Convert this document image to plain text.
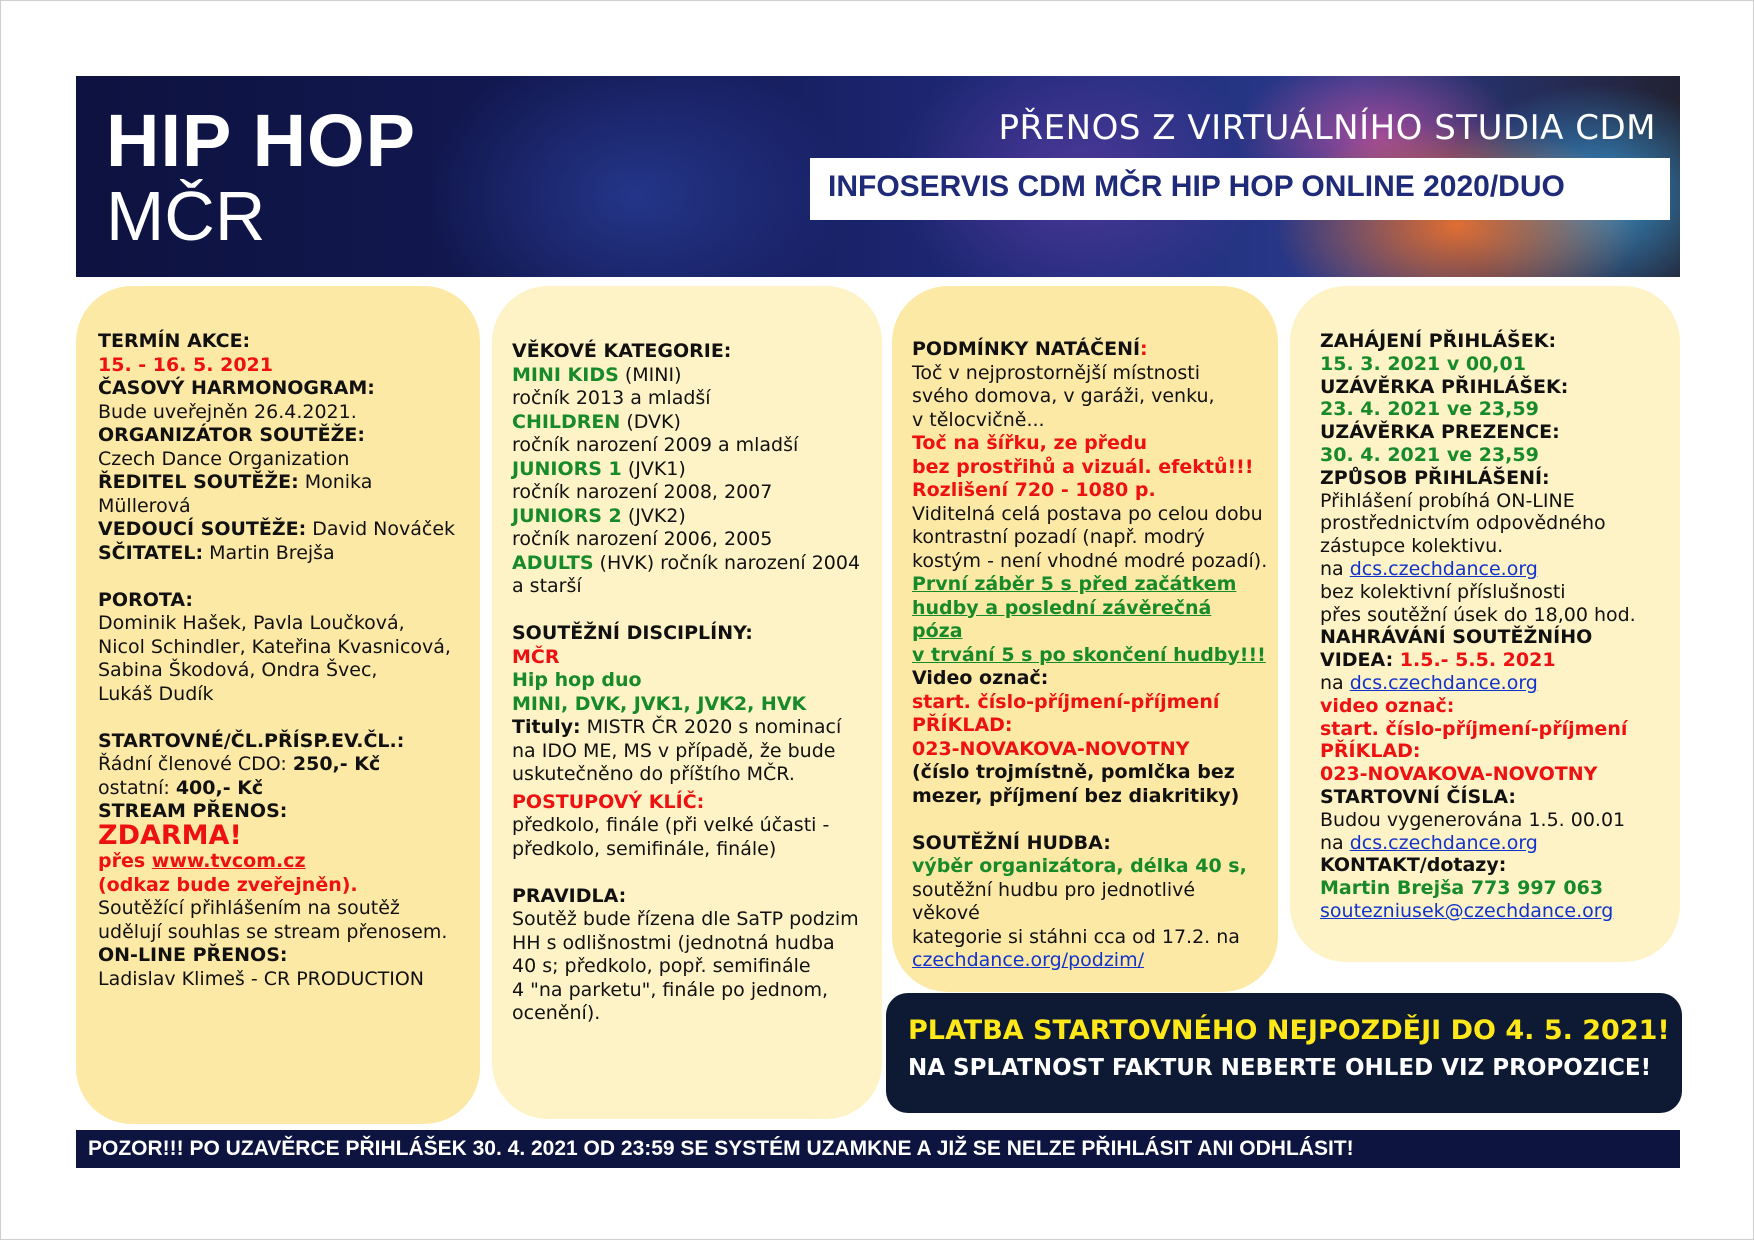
HIP HOP
MČR
PŘENOS Z VIRTUÁLNÍHO STUDIA CDM
INFOSERVIS CDM MČR HIP HOP ONLINE 2020/DUO
TERMÍN AKCE:
15. - 16. 5. 2021
ČASOVÝ HARMONOGRAM:
Bude uveřejněn 26.4.2021.
ORGANIZÁTOR SOUTĚŽE:
Czech Dance Organization
ŘEDITEL SOUTĚŽE: Monika Müllerová
VEDOUCÍ SOUTĚŽE: David Nováček
SČITATEL: Martin Brejša

POROTA:
Dominik Hašek, Pavla Loučková,
Nicol Schindler, Kateřina Kvasnicová,
Sabina Škodová, Ondra Švec,
Lukáš Dudík

STARTOVNÉ/ČL.PŘÍSP.EV.ČL.:
Řádní členové CDO: 250,- Kč
ostatní: 400,- Kč
STREAM PŘENOS:
ZDARMA!
přes www.tvcom.cz
(odkaz bude zveřejněn).
Soutěžící přihlášením na soutěž
udělují souhlas se stream přenosem.
ON-LINE PŘENOS:
Ladislav Klimeš - CR PRODUCTION
VĚKOVÉ KATEGORIE:
MINI KIDS (MINI)
ročník 2013 a mladší
CHILDREN (DVK)
ročník narození 2009 a mladší
JUNIORS 1 (JVK1)
ročník narození 2008, 2007
JUNIORS 2 (JVK2)
ročník narození 2006, 2005
ADULTS (HVK) ročník narození 2004
a starší

SOUTĚŽNÍ DISCIPLÍNY:
MČR
Hip hop duo
MINI, DVK, JVK1, JVK2, HVK
Tituly: MISTR ČR 2020 s nominací
na IDO ME, MS v případě, že bude
uskutečněno do příštího MČR.

POSTUPOVÝ KLÍČ:
předkolo, finále (při velké účasti -
předkolo, semifinále, finále)

PRAVIDLA:
Soutěž bude řízena dle SaTP podzim
HH s odlišnostmi (jednotná hudba
40 s; předkolo, popř. semifinále
4 "na parketu", finále po jednom,
ocenění).
PODMÍNKY NATÁČENÍ:
Toč v nejprostornější místnosti
svého domova, v garáži, venku,
v tělocvičně...
Toč na šířku, ze předu
bez prostřihů a vizuál. efektů!!!
Rozlišení 720 - 1080 p.
Viditelná celá postava po celou dobu
kontrastní pozadí (např. modrý
kostým - není vhodné modré pozadí).
První záběr 5 s před začátkem
hudby a poslední závěrečná póza
v trvání 5 s po skončení hudby!!!
Video označ:
start. číslo-příjmení-příjmení
PŘÍKLAD:
023-NOVAKOVA-NOVOTNY
(číslo trojmístně, pomlčka bez
mezer, příjmení bez diakritiky)

SOUTĚŽNÍ HUDBA:
výběr organizátora, délka 40 s,
soutěžní hudbu pro jednotlivé věkové
kategorie si stáhni cca od 17.2. na
czechdance.org/podzim/
ZAHÁJENÍ PŘIHLÁŠEK:
15. 3. 2021 v 00,01
UZÁVĚRKA PŘIHLÁŠEK:
23. 4. 2021 ve 23,59
UZÁVĚRKA PREZENCE:
30. 4. 2021 ve 23,59
ZPŮSOB PŘIHLÁŠENÍ:
Přihlášení probíhá ON-LINE
prostřednictvím odpovědného
zástupce kolektivu.
na dcs.czechdance.org
bez kolektivní příslušnosti
přes soutěžní úsek do 18,00 hod.
NAHRÁVÁNÍ SOUTĚŽNÍHO
VIDEA: 1.5.- 5.5. 2021
na dcs.czechdance.org
video označ:
start. číslo-příjmení-příjmení
PŘÍKLAD:
023-NOVAKOVA-NOVOTNY
STARTOVNÍ ČÍSLA:
Budou vygenerována 1.5. 00.01
na dcs.czechdance.org
KONTAKT/dotazy:
Martin Brejša 773 997 063
souteznіusek@czechdance.org
PLATBA STARTOVNÉHO NEJPOZDĚJI DO 4. 5. 2021!
NA SPLATNOST FAKTUR NEBERTE OHLED VIZ PROPOZICE!
POZOR!!! PO UZAVĚRCE PŘIHLÁŠEK 30. 4. 2021 OD 23:59 SE SYSTÉM UZAMKNE A JIŽ SE NELZE PŘIHLÁSIT ANI ODHLÁSIT!
